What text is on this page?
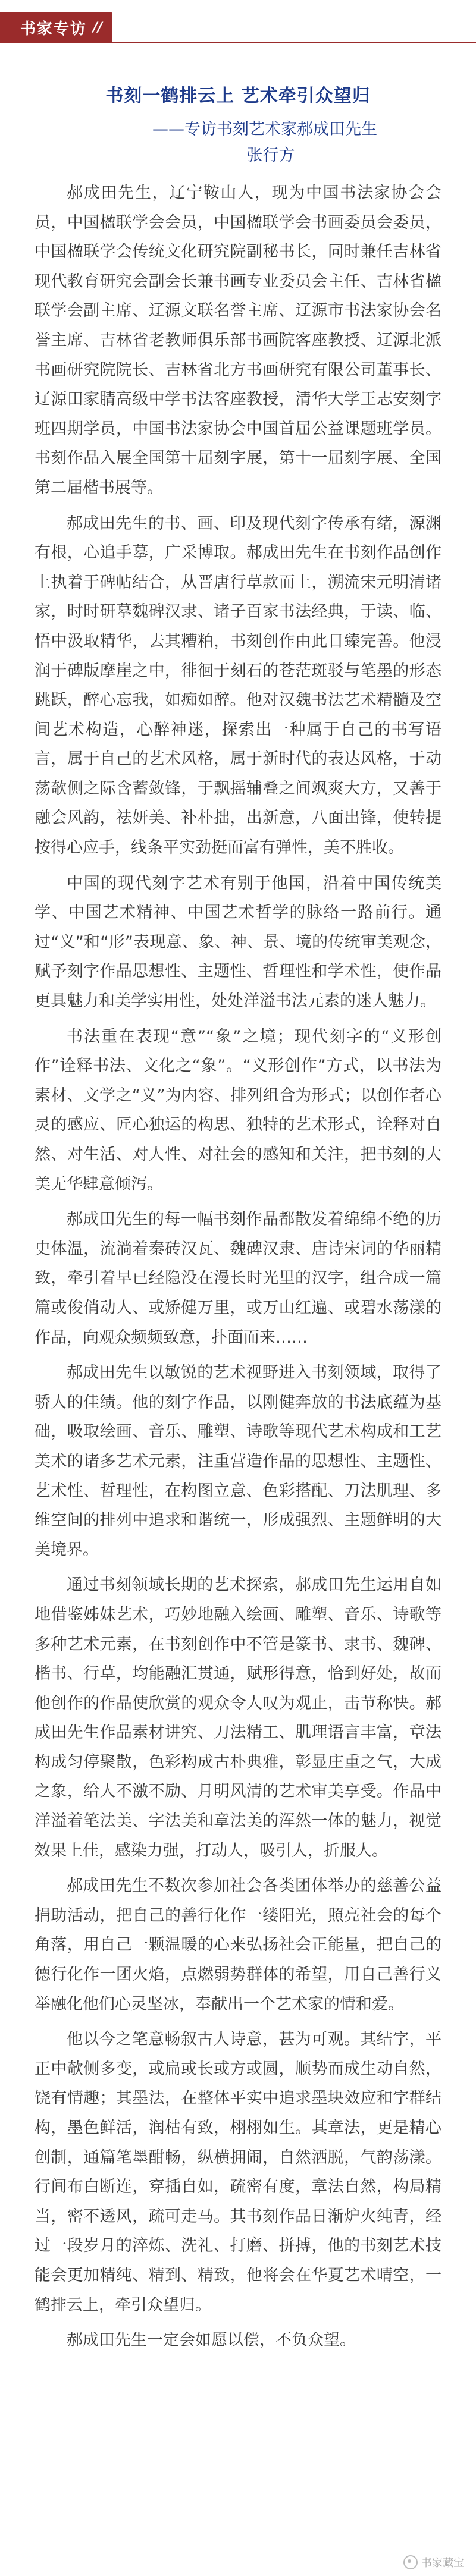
书家专访 //
书刻一鹤排云上 艺术牵引众望归
——专访书刻艺术家郝成田先生
张行方

郝成田先生，辽宁鞍山人，现为中国书法家协会会员，中国楹联学会会员，中国楹联学会书画委员会委员，中国楹联学会传统文化研究院副秘书长，同时兼任吉林省现代教育研究会副会长兼书画专业委员会主任、吉林省楹联学会副主席、辽源文联名誉主席、辽源市书法家协会名誉主席、吉林省老教师俱乐部书画院客座教授、辽源北派书画研究院院长、吉林省北方书画研究有限公司董事长、辽源田家腈高级中学书法客座教授，清华大学王志安刻字班四期学员，中国书法家协会中国首届公益课题班学员。书刻作品入展全国第十届刻字展，第十一届刻字展、全国第二届楷书展等。

郝成田先生的书、画、印及现代刻字传承有绪，源渊有根，心追手摹，广采博取。郝成田先生在书刻作品创作上执着于碑帖结合，从晋唐行草款而上，溯流宋元明清诸家，时时研摹魏碑汉隶、诸子百家书法经典，于读、临、悟中汲取精华，去其糟粕，书刻创作由此日臻完善。他浸润于碑版摩崖之中，徘徊于刻石的苍茫斑驳与笔墨的形态跳跃，醉心忘我，如痴如醉。他对汉魏书法艺术精髓及空间艺术构造，心醉神迷，探索出一种属于自己的书写语言，属于自己的艺术风格，属于新时代的表达风格，于动荡欹侧之际含蓄敛锋，于飘摇辅叠之间飒爽大方，又善于融会风韵，祛妍美、补朴拙，出新意，八面出锋，使转提按得心应手，线条平实劲挺而富有弹性，美不胜收。

中国的现代刻字艺术有别于他国，沿着中国传统美学、中国艺术精神、中国艺术哲学的脉络一路前行。通过“义”和“形”表现意、象、神、景、境的传统审美观念，赋予刻字作品思想性、主题性、哲理性和学术性，使作品更具魅力和美学实用性，处处洋溢书法元素的迷人魅力。

书法重在表现“意”“象”之境；现代刻字的“义形创作”诠释书法、文化之“象”。“义形创作”方式，以书法为素材、文学之“义”为内容、排列组合为形式；以创作者心灵的感应、匠心独运的构思、独特的艺术形式，诠释对自然、对生活、对人性、对社会的感知和关注，把书刻的大美无华肆意倾泻。

郝成田先生的每一幅书刻作品都散发着绵绵不绝的历史体温，流淌着秦砖汉瓦、魏碑汉隶、唐诗宋词的华丽精致，牵引着早已经隐没在漫长时光里的汉字，组合成一篇篇或俊俏动人、或矫健万里，或万山红遍、或碧水荡漾的作品，向观众频频致意，扑面而来……

郝成田先生以敏锐的艺术视野进入书刻领域，取得了骄人的佳绩。他的刻字作品，以刚健奔放的书法底蕴为基础，吸取绘画、音乐、雕塑、诗歌等现代艺术构成和工艺美术的诸多艺术元素，注重营造作品的思想性、主题性、艺术性、哲理性，在构图立意、色彩搭配、刀法肌理、多维空间的排列中追求和谐统一，形成强烈、主题鲜明的大美境界。

通过书刻领域长期的艺术探索，郝成田先生运用自如地借鉴姊妹艺术，巧妙地融入绘画、雕塑、音乐、诗歌等多种艺术元素，在书刻创作中不管是篆书、隶书、魏碑、楷书、行草，均能融汇贯通，赋形得意，恰到好处，故而他创作的作品使欣赏的观众令人叹为观止，击节称快。郝成田先生作品素材讲究、刀法精工、肌理语言丰富，章法构成匀停聚散，色彩构成古朴典雅，彰显庄重之气，大成之象，给人不激不励、月明风清的艺术审美享受。作品中洋溢着笔法美、字法美和章法美的浑然一体的魅力，视觉效果上佳，感染力强，打动人，吸引人，折服人。

郝成田先生不数次参加社会各类团体举办的慈善公益捐助活动，把自己的善行化作一缕阳光，照亮社会的每个角落，用自己一颗温暖的心来弘扬社会正能量，把自己的德行化作一团火焰，点燃弱势群体的希望，用自己善行义举融化他们心灵坚冰，奉献出一个艺术家的情和爱。

他以今之笔意畅叙古人诗意，甚为可观。其结字，平正中欹侧多变，或扁或长或方或圆，顺势而成生动自然，饶有情趣；其墨法，在整体平实中追求墨块效应和字群结构，墨色鲜活，润枯有致，栩栩如生。其章法，更是精心创制，通篇笔墨酣畅，纵横拥闹，自然洒脱，气韵荡漾。行间布白断连，穿插自如，疏密有度，章法自然，构局精当，密不透风，疏可走马。其书刻作品日渐炉火纯青，经过一段岁月的淬炼、洗礼、打磨、拼搏，他的书刻艺术技能会更加精纯、精到、精致，他将会在华夏艺术晴空，一鹤排云上，牵引众望归。

郝成田先生一定会如愿以偿，不负众望。

书家藏宝
